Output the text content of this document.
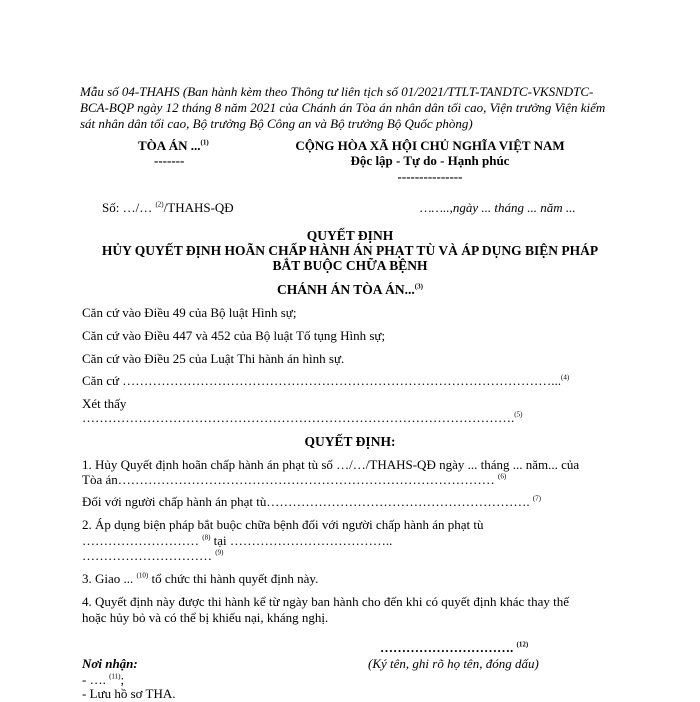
Mẫu số 04-THAHS (Ban hành kèm theo Thông tư liên tịch số 01/2021/TTLT-TANDTC-VKSNDTC-BCA-BQP ngày 12 tháng 8 năm 2021 của Chánh án Tòa án nhân dân tối cao, Viện trưởng Viện kiểm sát nhân dân tối cao, Bộ trưởng Bộ Công an và Bộ trưởng Bộ Quốc phòng)
TÒA ÁN ...$^{(1)}$
-------
CỘNG HÒA XÃ HỘI CHỦ NGHĨA VIỆT NAM
Độc lập - Tự do - Hạnh phúc
---------------
Số: …/… $^{(2)}$/THAHS-QĐ	……..,ngày ... tháng ... năm ...
QUYẾT ĐỊNH
HỦY QUYẾT ĐỊNH HOÃN CHẤP HÀNH ÁN PHẠT TÙ VÀ ÁP DỤNG BIỆN PHÁP
BẮT BUỘC CHỮA BỆNH
CHÁNH ÁN TÒA ÁN...$^{(3)}$
Căn cứ vào Điều 49 của Bộ luật Hình sự;
Căn cứ vào Điều 447 và 452 của Bộ luật Tố tụng Hình sự;
Căn cứ vào Điều 25 của Luật Thi hành án hình sự.
Căn cứ ………………………………………………………………………………………...$^{(4)}$
Xét thấy
……………………………………………………………………………………….$^{(5)}$
QUYẾT ĐỊNH:
1. Hủy Quyết định hoãn chấp hành án phạt tù số …/…/THAHS-QĐ ngày ... tháng ... năm... của
Tòa án…………………………………………………………………………… $^{(6)}$
Đối với người chấp hành án phạt tù……………………………………………………. $^{(7)}$
2. Áp dụng biện pháp bắt buộc chữa bệnh đối với người chấp hành án phạt tù
……………………… $^{(8)}$ tại ………………………………..
………………………… $^{(9)}$
3. Giao ... $^{(10)}$ tổ chức thi hành quyết định này.
4. Quyết định này được thi hành kể từ ngày ban hành cho đến khi có quyết định khác thay thế
hoặc hủy bỏ và có thể bị khiếu nại, kháng nghị.
…………………………. $^{(12)}$
(Ký tên, ghi rõ họ tên, đóng dấu)
Nơi nhận:
- …. $^{(11)}$;
- Lưu hồ sơ THA.
